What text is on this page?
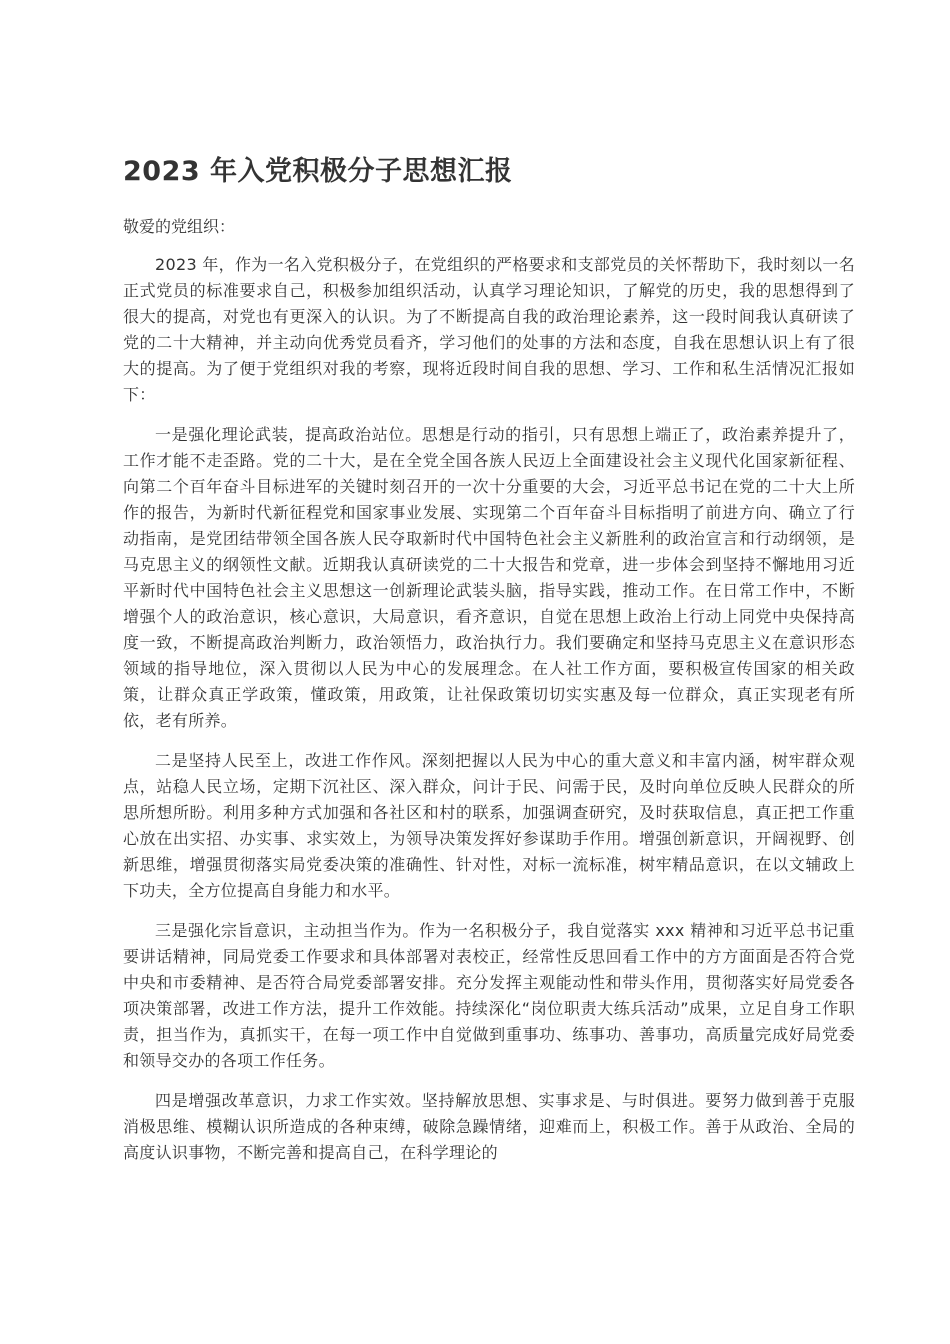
2023 年入党积极分子思想汇报

敬爱的党组织：

2023 年，作为一名入党积极分子，在党组织的严格要求和支部党员的关怀帮助下，我时刻以一名正式党员的标准要求自己，积极参加组织活动，认真学习理论知识，了解党的历史，我的思想得到了很大的提高，对党也有更深入的认识。为了不断提高自我的政治理论素养，这一段时间我认真研读了党的二十大精神，并主动向优秀党员看齐，学习他们的处事的方法和态度，自我在思想认识上有了很大的提高。为了便于党组织对我的考察，现将近段时间自我的思想、学习、工作和私生活情况汇报如下：

一是强化理论武装，提高政治站位。思想是行动的指引，只有思想上端正了，政治素养提升了，工作才能不走歪路。党的二十大，是在全党全国各族人民迈上全面建设社会主义现代化国家新征程、向第二个百年奋斗目标进军的关键时刻召开的一次十分重要的大会，习近平总书记在党的二十大上所作的报告，为新时代新征程党和国家事业发展、实现第二个百年奋斗目标指明了前进方向、确立了行动指南，是党团结带领全国各族人民夺取新时代中国特色社会主义新胜利的政治宣言和行动纲领，是马克思主义的纲领性文献。近期我认真研读党的二十大报告和党章，进一步体会到坚持不懈地用习近平新时代中国特色社会主义思想这一创新理论武装头脑，指导实践，推动工作。在日常工作中，不断增强个人的政治意识，核心意识，大局意识，看齐意识，自觉在思想上政治上行动上同党中央保持高度一致，不断提高政治判断力，政治领悟力，政治执行力。我们要确定和坚持马克思主义在意识形态领域的指导地位，深入贯彻以人民为中心的发展理念。在人社工作方面，要积极宣传国家的相关政策，让群众真正学政策，懂政策，用政策，让社保政策切切实实惠及每一位群众，真正实现老有所依，老有所养。

二是坚持人民至上，改进工作作风。深刻把握以人民为中心的重大意义和丰富内涵，树牢群众观点，站稳人民立场，定期下沉社区、深入群众，问计于民、问需于民，及时向单位反映人民群众的所思所想所盼。利用多种方式加强和各社区和村的联系，加强调查研究，及时获取信息，真正把工作重心放在出实招、办实事、求实效上，为领导决策发挥好参谋助手作用。增强创新意识，开阔视野、创新思维，增强贯彻落实局党委决策的准确性、针对性，对标一流标准，树牢精品意识，在以文辅政上下功夫，全方位提高自身能力和水平。

三是强化宗旨意识，主动担当作为。作为一名积极分子，我自觉落实 xxx 精神和习近平总书记重要讲话精神，同局党委工作要求和具体部署对表校正，经常性反思回看工作中的方方面面是否符合党中央和市委精神、是否符合局党委部署安排。充分发挥主观能动性和带头作用，贯彻落实好局党委各项决策部署，改进工作方法，提升工作效能。持续深化“岗位职责大练兵活动”成果，立足自身工作职责，担当作为，真抓实干，在每一项工作中自觉做到重事功、练事功、善事功，高质量完成好局党委和领导交办的各项工作任务。

四是增强改革意识，力求工作实效。坚持解放思想、实事求是、与时俱进。要努力做到善于克服消极思维、模糊认识所造成的各种束缚，破除急躁情绪，迎难而上，积极工作。善于从政治、全局的高度认识事物，不断完善和提高自己，在科学理论的
